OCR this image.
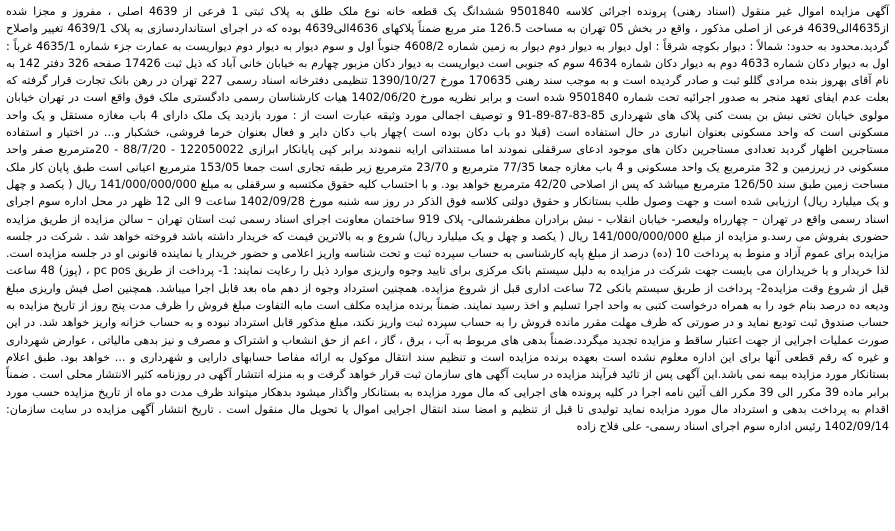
آگهی مزایده اموال غیر منقول (اسناد رهنی) پرونده اجرائی کلاسه 9501840 ششدانگ یک قطعه خانه نوع ملک طلق به پلاک ثبتی 1 فرعی از 4639 اصلی ، مفروز و مجزا شده از4635الی4639 فرعی از اصلی مذکور ، واقع در بخش 05 تهران به مساحت 126.5 متر مربع ضمناً پلاکهای 4636الی4639 بوده که در اجرای استانداردسازی به پلاک 4639/1 تغییر واصلاح گردید.محدود به حدود: شمالاً : دیوار بکوچه شرقاً : اول دیوار به دیوار دوم دیوار به زمین شماره 4608/2 جنوباً اول و سوم دیوار به دیوار دوم دیواریست به عمارت جزء شماره 4635/1 غرباً : اول به دیوار دکان شماره 4633 دوم به دیوار دکان شماره 4634 سوم که جنوبی است دیواریست به دیوار دکان مزبور چهارم به خیابان خانی آباد که ذیل ثبت 17426 صفحه 326 دفتر 142 به نام آقای بهروز بنده مرادی گللو ثبت و صادر گردیده است و به موجب سند رهنی 170635 مورخ 1390/10/27 تنظیمی دفترخانه اسناد رسمی 227 تهران در رهن بانک تجارت قرار گرفته که بعلت عدم ایفای تعهد منجر به صدور اجرائیه تحت شماره 9501840 شده است و برابر نظریه مورخ 1402/06/20 هیات کارشناسان رسمی دادگستری ملک فوق واقع است در تهران خیابان مولوی خیابان تختی نبش بن بست کنی پلاک های شهرداری 85-83-87-89-91 و توصیف اجمالی مورد وثیقه عبارت است از : مورد بازدید یک ملک دارای 4 باب مغازه مستقل و یک واحد مسکونی است که واحد مسکونی بعنوان انباری در حال استفاده است (قبلا دو باب دکان بوده است )چهار باب دکان دایر و فعال بعنوان خرما فروشی، خشکبار و... در اختیار و استفاده مستاجرین اظهار گردید تعدادی مستاجرین دکان های موجود ادعای سرقفلی نمودند اما مستنداتی ارایه ننمودند برابر کپی پایانکار ابرازی 122050022 - 88/7/20 - 20مترمربع صفر واحد مسکونی در زیرزمین و 32 مترمربع یک واحد مسکونی و 4 باب مغازه جمعا 77/35 مترمربع و 23/70 مترمربع زیر طبقه تجاری است جمعا 153/05 مترمربع اعیانی است طبق پایان کار ملک مساحت زمین طبق سند 126/50 مترمربع میباشد که پس از اصلاحی 42/20 مترمربع خواهد بود. و با احتساب کلیه حقوق مکتسبه و سرقفلی به مبلغ 141/000/000/000 ریال ( یکصد و چهل و یک میلیارد ریال) ارزیابی شده است و جهت وصول طلب بستانکار و حقوق دولتی کلاسه فوق الذکر در روز سه شنبه مورخ 1402/09/28 ساعت 9 الی 12 ظهر در محل اداره سوم اجرای اسناد رسمی واقع در تهران – چهارراه ولیعصر- خیابان انقلاب - نبش برادران مظفرشمالی- پلاک 919 ساختمان معاونت اجرای اسناد رسمی ثبت استان تهران – سالن مزایده از طریق مزایده حضوری بفروش می رسد.و مزایده از مبلغ 141/000/000/000 ریال ( یکصد و چهل و یک میلیارد ریال) شروع و به بالاترین قیمت که خریدار داشته باشد فروخته خواهد شد . شرکت در جلسه مزایده برای عموم آزاد و منوط به پرداخت 10 (ده) درصد از مبلغ پایه کارشناسی به حساب سپرده ثبت و تحت شناسه واریز اعلامی و حضور خریدار یا نماینده قانونی او در جلسه مزایده است. لذا خریدار و یا خریداران می بایست جهت شرکت در مزایده به دلیل سیستم بانک مرکزی برای تایید وجوه واریزی موارد ذیل را رعایت نمایند: 1- پرداخت از طریق pc pos ، (پوز) 48 ساعت قبل از شروع وقت مزایده2- پرداخت از طریق سیستم بانکی 72 ساعت اداری قبل از شروع مزایده. همچنین استرداد وجوه از دهم ماه بعد قابل اجرا میباشد. همچنین اصل فیش واریزی مبلغ ودیعه ده درصد بنام خود را به همراه درخواست کتبی به واحد اجرا تسلیم و اخذ رسید نمایند. ضمناً برنده مزایده مکلف است مابه التفاوت مبلغ فروش را ظرف مدت پنج روز از تاریخ مزایده به حساب صندوق ثبت تودیع نماید و در صورتی که ظرف مهلت مقرر مانده فروش را به حساب سپرده ثبت واریز نکند، مبلغ مذکور قابل استرداد نبوده و به حساب خزانه واریز خواهد شد. در این صورت عملیات اجرایی از جهت اعتبار ساقط و مزایده تجدید میگردد.ضمناً بدهی های مربوط به آب ، برق ، گاز ، اعم از حق انشعاب و اشتراک و مصرف و نیز بدهی مالیاتی ، عوارض شهرداری و غیره که رقم قطعی آنها برای این اداره معلوم نشده است بعهده برنده مزایده است و تنظیم سند انتقال موکول به ارائه مفاصا حسابهای دارایی و شهرداری و ... خواهد بود. طبق اعلام بستانکار مورد مزایده بیمه نمی باشد.این آگهی پس از تائید فرآیند مزایده در سایت آگهی های سازمان ثبت قرار خواهد گرفت و به منزله انتشار آگهی در روزنامه کثیر الانتشار محلی است . ضمناً برابر ماده 39 مکرر الی 39 مکرر الف آئین نامه اجرا در کلیه پرونده های اجرایی که مال مورد مزایده به بستانکار واگذار میشود بدهکار میتواند ظرف مدت دو ماه از تاریخ مزایده حسب مورد اقدام به پرداخت بدهی و استرداد مال مورد مزایده نماید تولیدی تا قبل از تنظیم و امضا سند انتقال اجرایی اموال یا تحویل مال منقول است . تاریخ انتشار آگهی مزایده در سایت سازمان: 1402/09/14 رئیس اداره سوم اجرای اسناد رسمی- علی فلاح زاده
